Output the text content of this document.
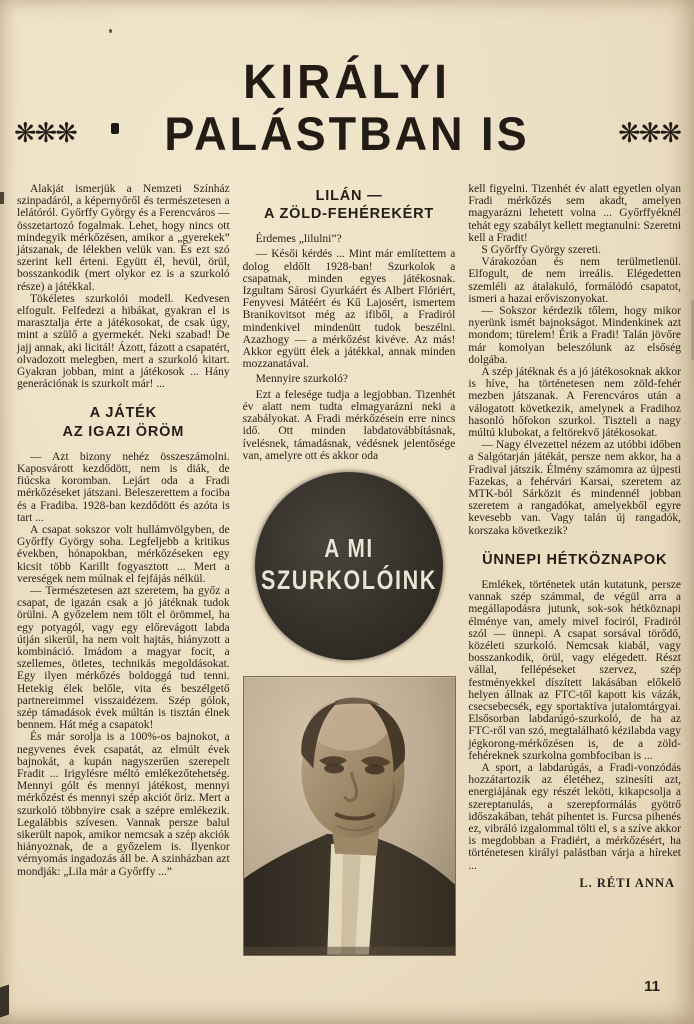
KIRÁLYI
❋❋❋ PALÁSTBAN IS	❋❋❋

Alakját ismerjük a Nemzeti Színház szinpadáról, a képernyőről és természetesen a lelátóról. Győrffy György és a Ferencváros — összetartozó fogalmak. Lehet, hogy nincs ott mindegyik mérkőzésen, amikor a „gyerekek” játszanak, de lélekben velük van. És ezt szó szerint kell érteni. Együtt él, hevül, örül, bosszankodik (mert olykor ez is a szurkoló része) a játékkal.

Tökéletes szurkolói modell. Kedvesen elfogult. Felfedezi a hibákat, gyakran el is marasztalja érte a játékosokat, de csak úgy, mint a szülő a gyermekét. Neki szabad! De jajj annak, aki licitál! Ázott, fázott a csapatért, olvadozott melegben, mert a szurkoló kitart. Gyakran jobban, mint a játékosok ... Hány generációnak is szurkolt már! ...

A JÁTÉK
AZ IGAZI ÖRÖM

— Azt bizony nehéz összeszámolni. Kaposvárott kezdődött, nem is diák, de fiúcska koromban. Lejárt oda a Fradi mérkőzéseket játszani. Beleszerettem a fociba és a Fradiba. 1928-ban kezdődött és azóta is tart ...

A csapat sokszor volt hullámvölgyben, de Győrffy György soha. Legfeljebb a kritikus években, hónapokban, mérkőzéseken egy kicsit több Karillt fogyasztott ... Mert a vereségek nem múlnak el fejfájás nélkül.

— Természetesen azt szeretem, ha győz a csapat, de igazán csak a jó játéknak tudok örülni. A győzelem nem tölt el örömmel, ha egy potyagól, vagy egy előrevágott labda útján sikerül, ha nem volt hajtás, hiányzott a kombináció. Imádom a magyar focit, a szellemes, ötletes, technikás megoldásokat. Egy ilyen mérkőzés boldoggá tud tenni. Hetekig élek belőle, vita és beszélgető partnereimmel visszaidézem. Szép gólok, szép támadások évek múltán is tisztán élnek bennem. Hát még a csapatok!

És már sorolja is a 100%-os bajnokot, a negyvenes évek csapatát, az elmúlt évek bajnokát, a kupán nagyszerűen szerepelt Fradit ... Irigylésre méltó emlékezőtehetség. Mennyi gólt és mennyi játékost, mennyi mérkőzést és mennyi szép akciót őriz. Mert a szurkoló többnyire csak a szépre emlékezik. Legalábbis szívesen. Vannak persze balul sikerült napok, amikor nemcsak a szép akciók hiányoznak, de a győzelem is. Ilyenkor vérnyomás ingadozás áll be. A szinházban azt mondják: „Lila már a Győrffy ...”

LILÁN —
A ZÖLD-FEHÉREKÉRT

Érdemes „lilulni”?

— Késői kérdés ... Mint már említettem a dolog eldőlt 1928-ban! Szurkolok a csapatnak, minden egyes játékosnak. Izgultam Sárosi Gyurkáért és Albert Flóriért, Fenyvesi Mátéért és Kű Lajosért, ismertem Branikovitsot még az ifiből, a Fradiról mindenkivel mindenütt tudok beszélni. Azazhogy — a mérkőzést kivéve. Az más! Akkor együtt élek a játékkal, annak minden mozzanatával.

Mennyire szurkoló?

Ezt a felesége tudja a legjobban. Tizenhét év alatt nem tudta elmagyarázni neki a szabályokat. A Fradi mérkőzésein erre nincs idő. Ott minden labdatovábbításnak, ívelésnek, támadásnak, védésnek jelentősége van, amelyre ott és akkor oda

A MI
SZURKOLÓINK

kell figyelni. Tizenhét év alatt egyetlen olyan Fradi mérkőzés sem akadt, amelyen magyarázni lehetett volna ... Győrffyéknél tehát egy szabályt kellett megtanulni: Szeretni kell a Fradit!

S Győrffy György szereti.

Várakozóan és nem terülmetlenül. Elfogult, de nem irreális. Elégedetten szemléli az átalakuló, formálódó csapatot, ismeri a hazai erőviszonyokat.

— Sokszor kérdezik tőlem, hogy mikor nyerünk ismét bajnokságot. Mindenkinek azt mondom; türelem! Érik a Fradi! Talán jövőre már komolyan beleszólunk az elsőség dolgába.

A szép játéknak és a jó játékosoknak akkor is híve, ha történetesen nem zöld-fehér mezben játszanak. A Ferencváros után a válogatott következik, amelynek a Fradihoz hasonló hőfokon szurkol. Tiszteli a nagy múltú klubokat, a feltörekvő játékosokat.

— Nagy élvezettel nézem az utóbbi időben a Salgótarján játékát, persze nem akkor, ha a Fradival játszik. Élmény számomra az újpesti Fazekas, a fehérvári Karsai, szeretem az MTK-ból Sárközit és mindennél jobban szeretem a rangadókat, amelyekből egyre kevesebb van. Vagy talán új rangadók, korszaka következik?

ÜNNEPI HÉTKÖZNAPOK

Emlékek, történetek után kutatunk, persze vannak szép számmal, de végül arra a megállapodásra jutunk, sok-sok hétköznapi élménye van, amely mivel fociról, Fradiról szól — ünnepi. A csapat sorsával törődő, közéleti szurkoló. Nemcsak kiabál, vagy bosszankodik, örül, vagy elégedett. Részt vállal, fellépéseket szervez, szép festményekkel díszített lakásában előkelő helyen állnak az FTC-től kapott kis vázák, csecsebecsék, egy sportaktíva jutalomtárgyai. Elsősorban labdarúgó-szurkoló, de ha az FTC-ről van szó, megtalálható kézilabda vagy jégkorong-mérkőzésen is, de a zöld-fehéreknek szurkolna gombfociban is ...

A sport, a labdarúgás, a Fradi-vonzódás hozzátartozik az életéhez, szinesíti azt, energiájának egy részét leköti, kikapcsolja a szereptanulás, a szerepformálás gyötrő időszakában, tehát pihentet is. Furcsa pihenés ez, vibráló izgalommal tölti el, s a szíve akkor is megdobban a Fradiért, a mérkőzésért, ha történetesen királyi palástban várja a híreket ...

L. RÉTI ANNA
11
